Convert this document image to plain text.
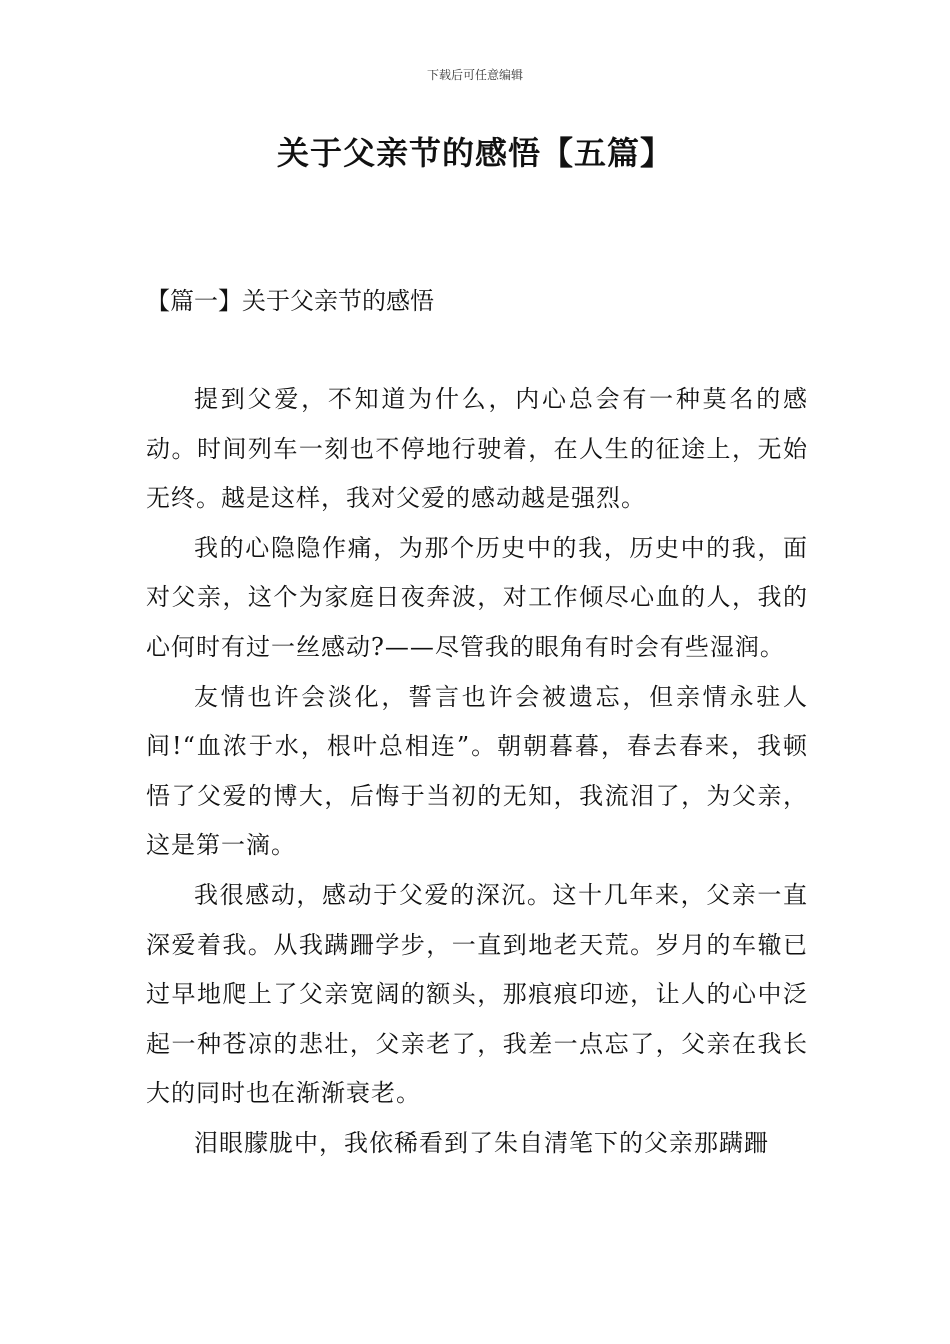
下载后可任意编辑
关于父亲节的感悟【五篇】
【篇一】关于父亲节的感悟

提到父爱，不知道为什么，内心总会有一种莫名的感动。时间列车一刻也不停地行驶着，在人生的征途上，无始无终。越是这样，我对父爱的感动越是强烈。

我的心隐隐作痛，为那个历史中的我，历史中的我，面对父亲，这个为家庭日夜奔波，对工作倾尽心血的人，我的心何时有过一丝感动?——尽管我的眼角有时会有些湿润。

友情也许会淡化，誓言也许会被遗忘，但亲情永驻人间!“血浓于水，根叶总相连”。朝朝暮暮，春去春来，我顿悟了父爱的博大，后悔于当初的无知，我流泪了，为父亲，这是第一滴。

我很感动，感动于父爱的深沉。这十几年来，父亲一直深爱着我。从我蹒跚学步，一直到地老天荒。岁月的车辙已过早地爬上了父亲宽阔的额头，那痕痕印迹，让人的心中泛起一种苍凉的悲壮，父亲老了，我差一点忘了，父亲在我长大的同时也在渐渐衰老。

泪眼朦胧中，我依稀看到了朱自清笔下的父亲那蹒跚
